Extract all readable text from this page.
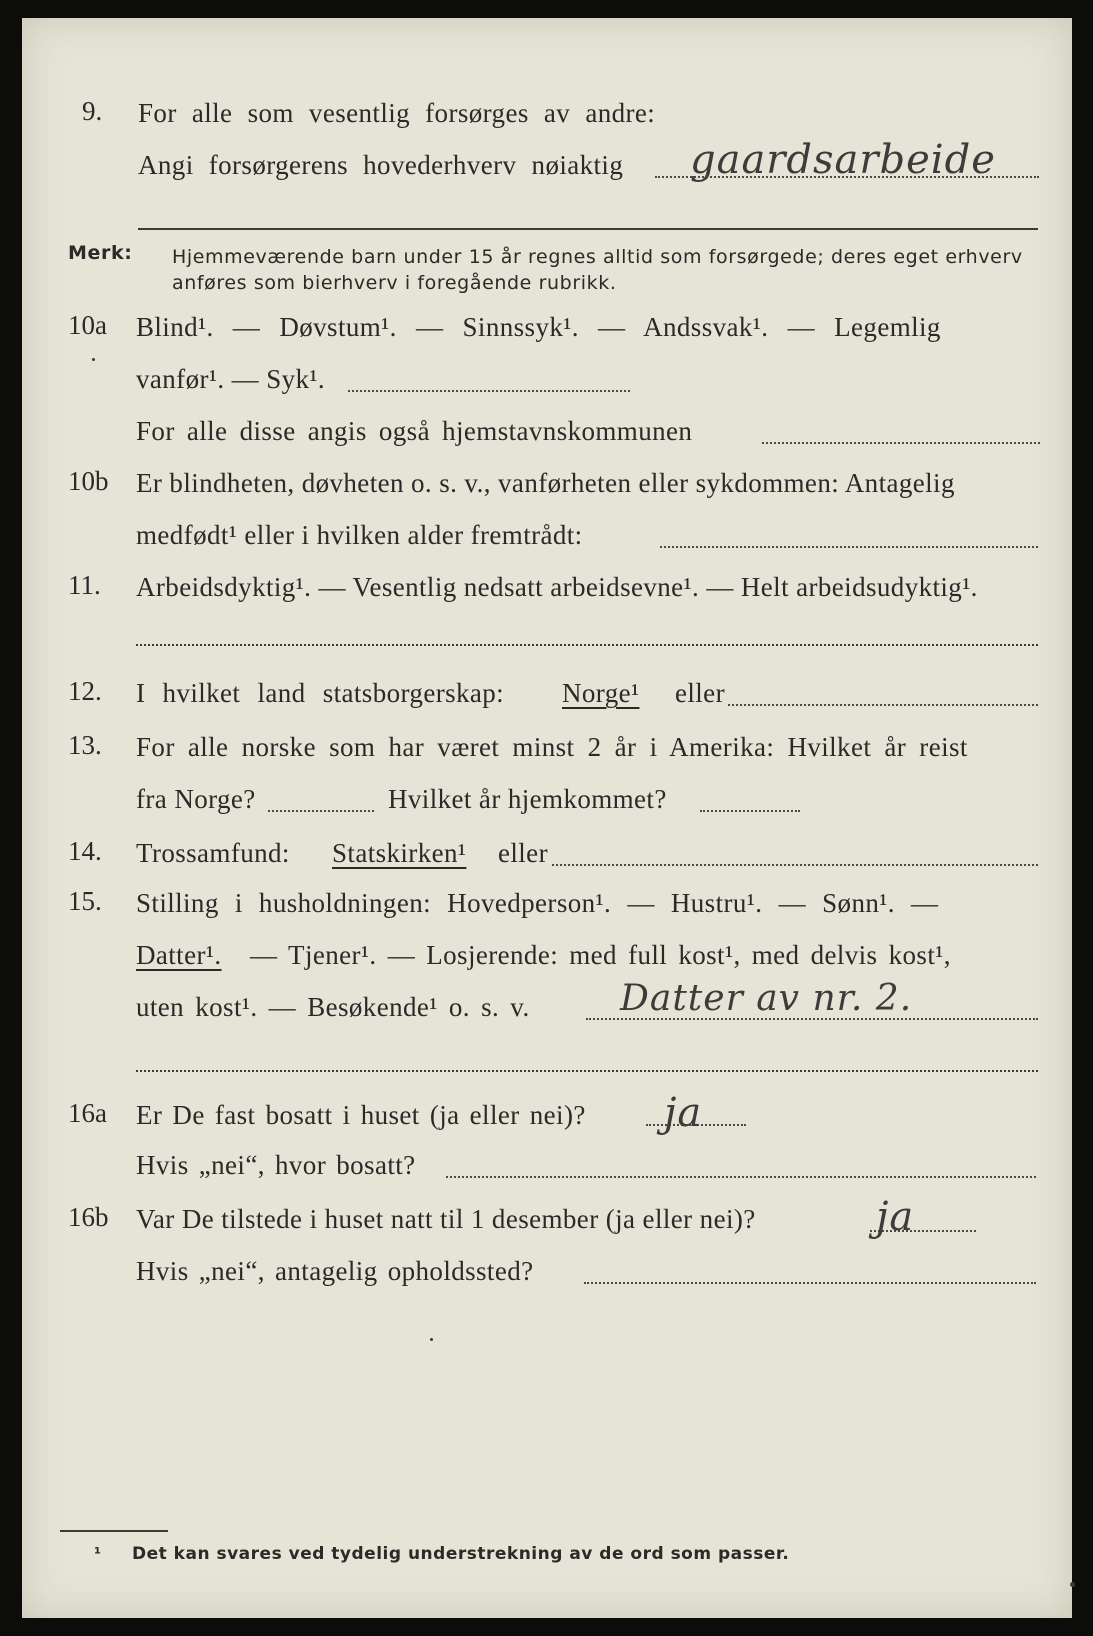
9. For alle som vesentlig forsørges av andre:
Angi forsørgerens hovederhverv nøiaktig gaardsarbeide
Merk: Hjemmeværende barn under 15 år regnes alltid som forsørgede; deres eget erhverv
anføres som bierhverv i foregående rubrikk.
10a Blind¹. — Døvstum¹. — Sinnssyk¹. — Andssvak¹. — Legemlig
vanfør¹. — Syk¹.
For alle disse angis også hjemstavnskommunen
10b Er blindheten, døvheten o. s. v., vanførheten eller sykdommen: Antagelig
medfødt¹ eller i hvilken alder fremtrådt:
11. Arbeidsdyktig¹. — Vesentlig nedsatt arbeidsevne¹. — Helt arbeidsudyktig¹.
12. I hvilket land statsborgerskap: Norge¹ eller
13. For alle norske som har været minst 2 år i Amerika: Hvilket år reist
fra Norge?	Hvilket år hjemkommet?
14. Trossamfund: Statskirken¹ eller
15. Stilling i husholdningen: Hovedperson¹. — Hustru¹. — Sønn¹. —
Datter¹. — Tjener¹. — Losjerende: med full kost¹, med delvis kost¹,
uten kost¹. — Besøkende¹ o. s. v.	Datter av nr. 2.
16a Er De fast bosatt i huset (ja eller nei)? ja
Hvis „nei“, hvor bosatt?
16b Var De tilstede i huset natt til 1 desember (ja eller nei)?	ja
Hvis „nei“, antagelig opholdssted?
¹ Det kan svares ved tydelig understrekning av de ord som passer.
